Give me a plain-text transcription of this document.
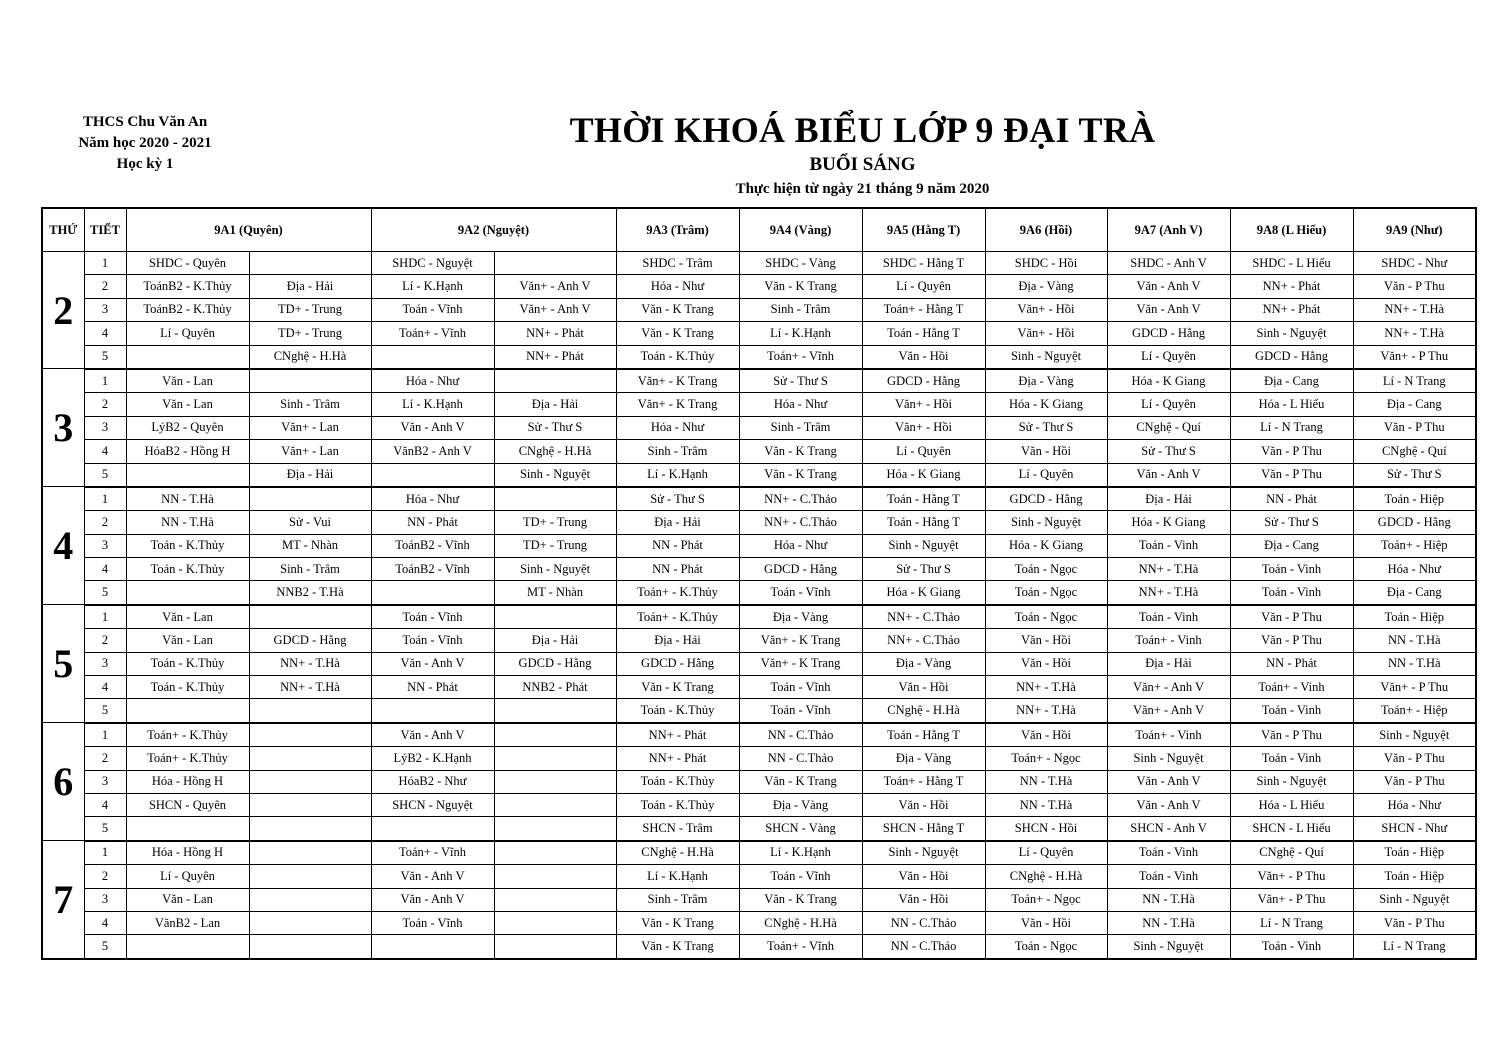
THCS Chu Văn An
Năm học 2020 - 2021
Học kỳ 1
THỜI KHOÁ BIỂU LỚP 9 ĐẠI TRÀ
BUỔI SÁNG
Thực hiện từ ngày 21 tháng 9 năm 2020
THỨ	TIẾT	9A1 (Quyên)		9A2 (Nguyệt)		9A3 (Trâm)	9A4 (Vàng)	9A5 (Hằng T)	9A6 (Hồi)	9A7 (Anh V)	9A8 (L Hiếu)	9A9 (Như)
2	1	SHDC - Quyên		SHDC - Nguyệt		SHDC - Trâm	SHDC - Vàng	SHDC - Hằng T	SHDC - Hồi	SHDC - Anh V	SHDC - L Hiếu	SHDC - Như
	2	ToánB2 - K.Thủy	Địa - Hải	Lí - K.Hạnh	Văn+ - Anh V	Hóa - Như	Văn - K Trang	Lí - Quyên	Địa - Vàng	Văn - Anh V	NN+ - Phát	Văn - P Thu
	3	ToánB2 - K.Thủy	TD+ - Trung	Toán - Vĩnh	Văn+ - Anh V	Văn - K Trang	Sinh - Trâm	Toán+ - Hằng T	Văn+ - Hồi	Văn - Anh V	NN+ - Phát	NN+ - T.Hà
	4	Lí - Quyên	TD+ - Trung	Toán+ - Vĩnh	NN+ - Phát	Văn - K Trang	Lí - K.Hạnh	Toán - Hằng T	Văn+ - Hồi	GDCD - Hằng	Sinh - Nguyệt	NN+ - T.Hà
	5		CNghệ - H.Hà		NN+ - Phát	Toán - K.Thủy	Toán+ - Vĩnh	Văn - Hồi	Sinh - Nguyệt	Lí - Quyên	GDCD - Hằng	Văn+ - P Thu
3	1	Văn - Lan		Hóa - Như		Văn+ - K Trang	Sử - Thư S	GDCD - Hằng	Địa - Vàng	Hóa - K Giang	Địa - Cang	Lí - N Trang
	2	Văn - Lan	Sinh - Trâm	Lí - K.Hạnh	Địa - Hải	Văn+ - K Trang	Hóa - Như	Văn+ - Hồi	Hóa - K Giang	Lí - Quyên	Hóa - L Hiếu	Địa - Cang
	3	LýB2 - Quyên	Văn+ - Lan	Văn - Anh V	Sử - Thư S	Hóa - Như	Sinh - Trâm	Văn+ - Hồi	Sử - Thư S	CNghệ - Quí	Lí - N Trang	Văn - P Thu
	4	HóaB2 - Hồng H	Văn+ - Lan	VănB2 - Anh V	CNghệ - H.Hà	Sinh - Trâm	Văn - K Trang	Lí - Quyên	Văn - Hồi	Sử - Thư S	Văn - P Thu	CNghệ - Quí
	5		Địa - Hải		Sinh - Nguyệt	Lí - K.Hạnh	Văn - K Trang	Hóa - K Giang	Lí - Quyên	Văn - Anh V	Văn - P Thu	Sử - Thư S
4	1	NN - T.Hà		Hóa - Như		Sử - Thư S	NN+ - C.Thảo	Toán - Hằng T	GDCD - Hằng	Địa - Hải	NN - Phát	Toán - Hiệp
	2	NN - T.Hà	Sử - Vui	NN - Phát	TD+ - Trung	Địa - Hải	NN+ - C.Thảo	Toán - Hằng T	Sinh - Nguyệt	Hóa - K Giang	Sử - Thư S	GDCD - Hằng
	3	Toán - K.Thủy	MT - Nhàn	ToánB2 - Vĩnh	TD+ - Trung	NN - Phát	Hóa - Như	Sinh - Nguyệt	Hóa - K Giang	Toán - Vinh	Địa - Cang	Toán+ - Hiệp
	4	Toán - K.Thủy	Sinh - Trâm	ToánB2 - Vĩnh	Sinh - Nguyệt	NN - Phát	GDCD - Hằng	Sử - Thư S	Toán - Ngọc	NN+ - T.Hà	Toán - Vinh	Hóa - Như
	5		NNB2 - T.Hà		MT - Nhàn	Toán+ - K.Thủy	Toán - Vĩnh	Hóa - K Giang	Toán - Ngọc	NN+ - T.Hà	Toán - Vinh	Địa - Cang
5	1	Văn - Lan		Toán - Vĩnh		Toán+ - K.Thủy	Địa - Vàng	NN+ - C.Thảo	Toán - Ngọc	Toán - Vinh	Văn - P Thu	Toán - Hiệp
	2	Văn - Lan	GDCD - Hằng	Toán - Vĩnh	Địa - Hải	Địa - Hải	Văn+ - K Trang	NN+ - C.Thảo	Văn - Hồi	Toán+ - Vinh	Văn - P Thu	NN - T.Hà
	3	Toán - K.Thủy	NN+ - T.Hà	Văn - Anh V	GDCD - Hằng	GDCD - Hằng	Văn+ - K Trang	Địa - Vàng	Văn - Hồi	Địa - Hải	NN - Phát	NN - T.Hà
	4	Toán - K.Thủy	NN+ - T.Hà	NN - Phát	NNB2 - Phát	Văn - K Trang	Toán - Vĩnh	Văn - Hồi	NN+ - T.Hà	Văn+ - Anh V	Toán+ - Vinh	Văn+ - P Thu
	5					Toán - K.Thủy	Toán - Vĩnh	CNghệ - H.Hà	NN+ - T.Hà	Văn+ - Anh V	Toán - Vinh	Toán+ - Hiệp
6	1	Toán+ - K.Thủy		Văn - Anh V		NN+ - Phát	NN - C.Thảo	Toán - Hằng T	Văn - Hồi	Toán+ - Vinh	Văn - P Thu	Sinh - Nguyệt
	2	Toán+ - K.Thủy		LýB2 - K.Hạnh		NN+ - Phát	NN - C.Thảo	Địa - Vàng	Toán+ - Ngọc	Sinh - Nguyệt	Toán - Vinh	Văn - P Thu
	3	Hóa - Hồng H		HóaB2 - Như		Toán - K.Thủy	Văn - K Trang	Toán+ - Hằng T	NN - T.Hà	Văn - Anh V	Sinh - Nguyệt	Văn - P Thu
	4	SHCN - Quyên		SHCN - Nguyệt		Toán - K.Thủy	Địa - Vàng	Văn - Hồi	NN - T.Hà	Văn - Anh V	Hóa - L Hiếu	Hóa - Như
	5					SHCN - Trâm	SHCN - Vàng	SHCN - Hằng T	SHCN - Hồi	SHCN - Anh V	SHCN - L Hiếu	SHCN - Như
7	1	Hóa - Hồng H		Toán+ - Vĩnh		CNghệ - H.Hà	Lí - K.Hạnh	Sinh - Nguyệt	Lí - Quyên	Toán - Vinh	CNghệ - Quí	Toán - Hiệp
	2	Lí - Quyên		Văn - Anh V		Lí - K.Hạnh	Toán - Vĩnh	Văn - Hồi	CNghệ - H.Hà	Toán - Vinh	Văn+ - P Thu	Toán - Hiệp
	3	Văn - Lan		Văn - Anh V		Sinh - Trâm	Văn - K Trang	Văn - Hồi	Toán+ - Ngọc	NN - T.Hà	Văn+ - P Thu	Sinh - Nguyệt
	4	VănB2 - Lan		Toán - Vĩnh		Văn - K Trang	CNghệ - H.Hà	NN - C.Thảo	Văn - Hồi	NN - T.Hà	Lí - N Trang	Văn - P Thu
	5					Văn - K Trang	Toán+ - Vĩnh	NN - C.Thảo	Toán - Ngọc	Sinh - Nguyệt	Toán - Vinh	Lí - N Trang
